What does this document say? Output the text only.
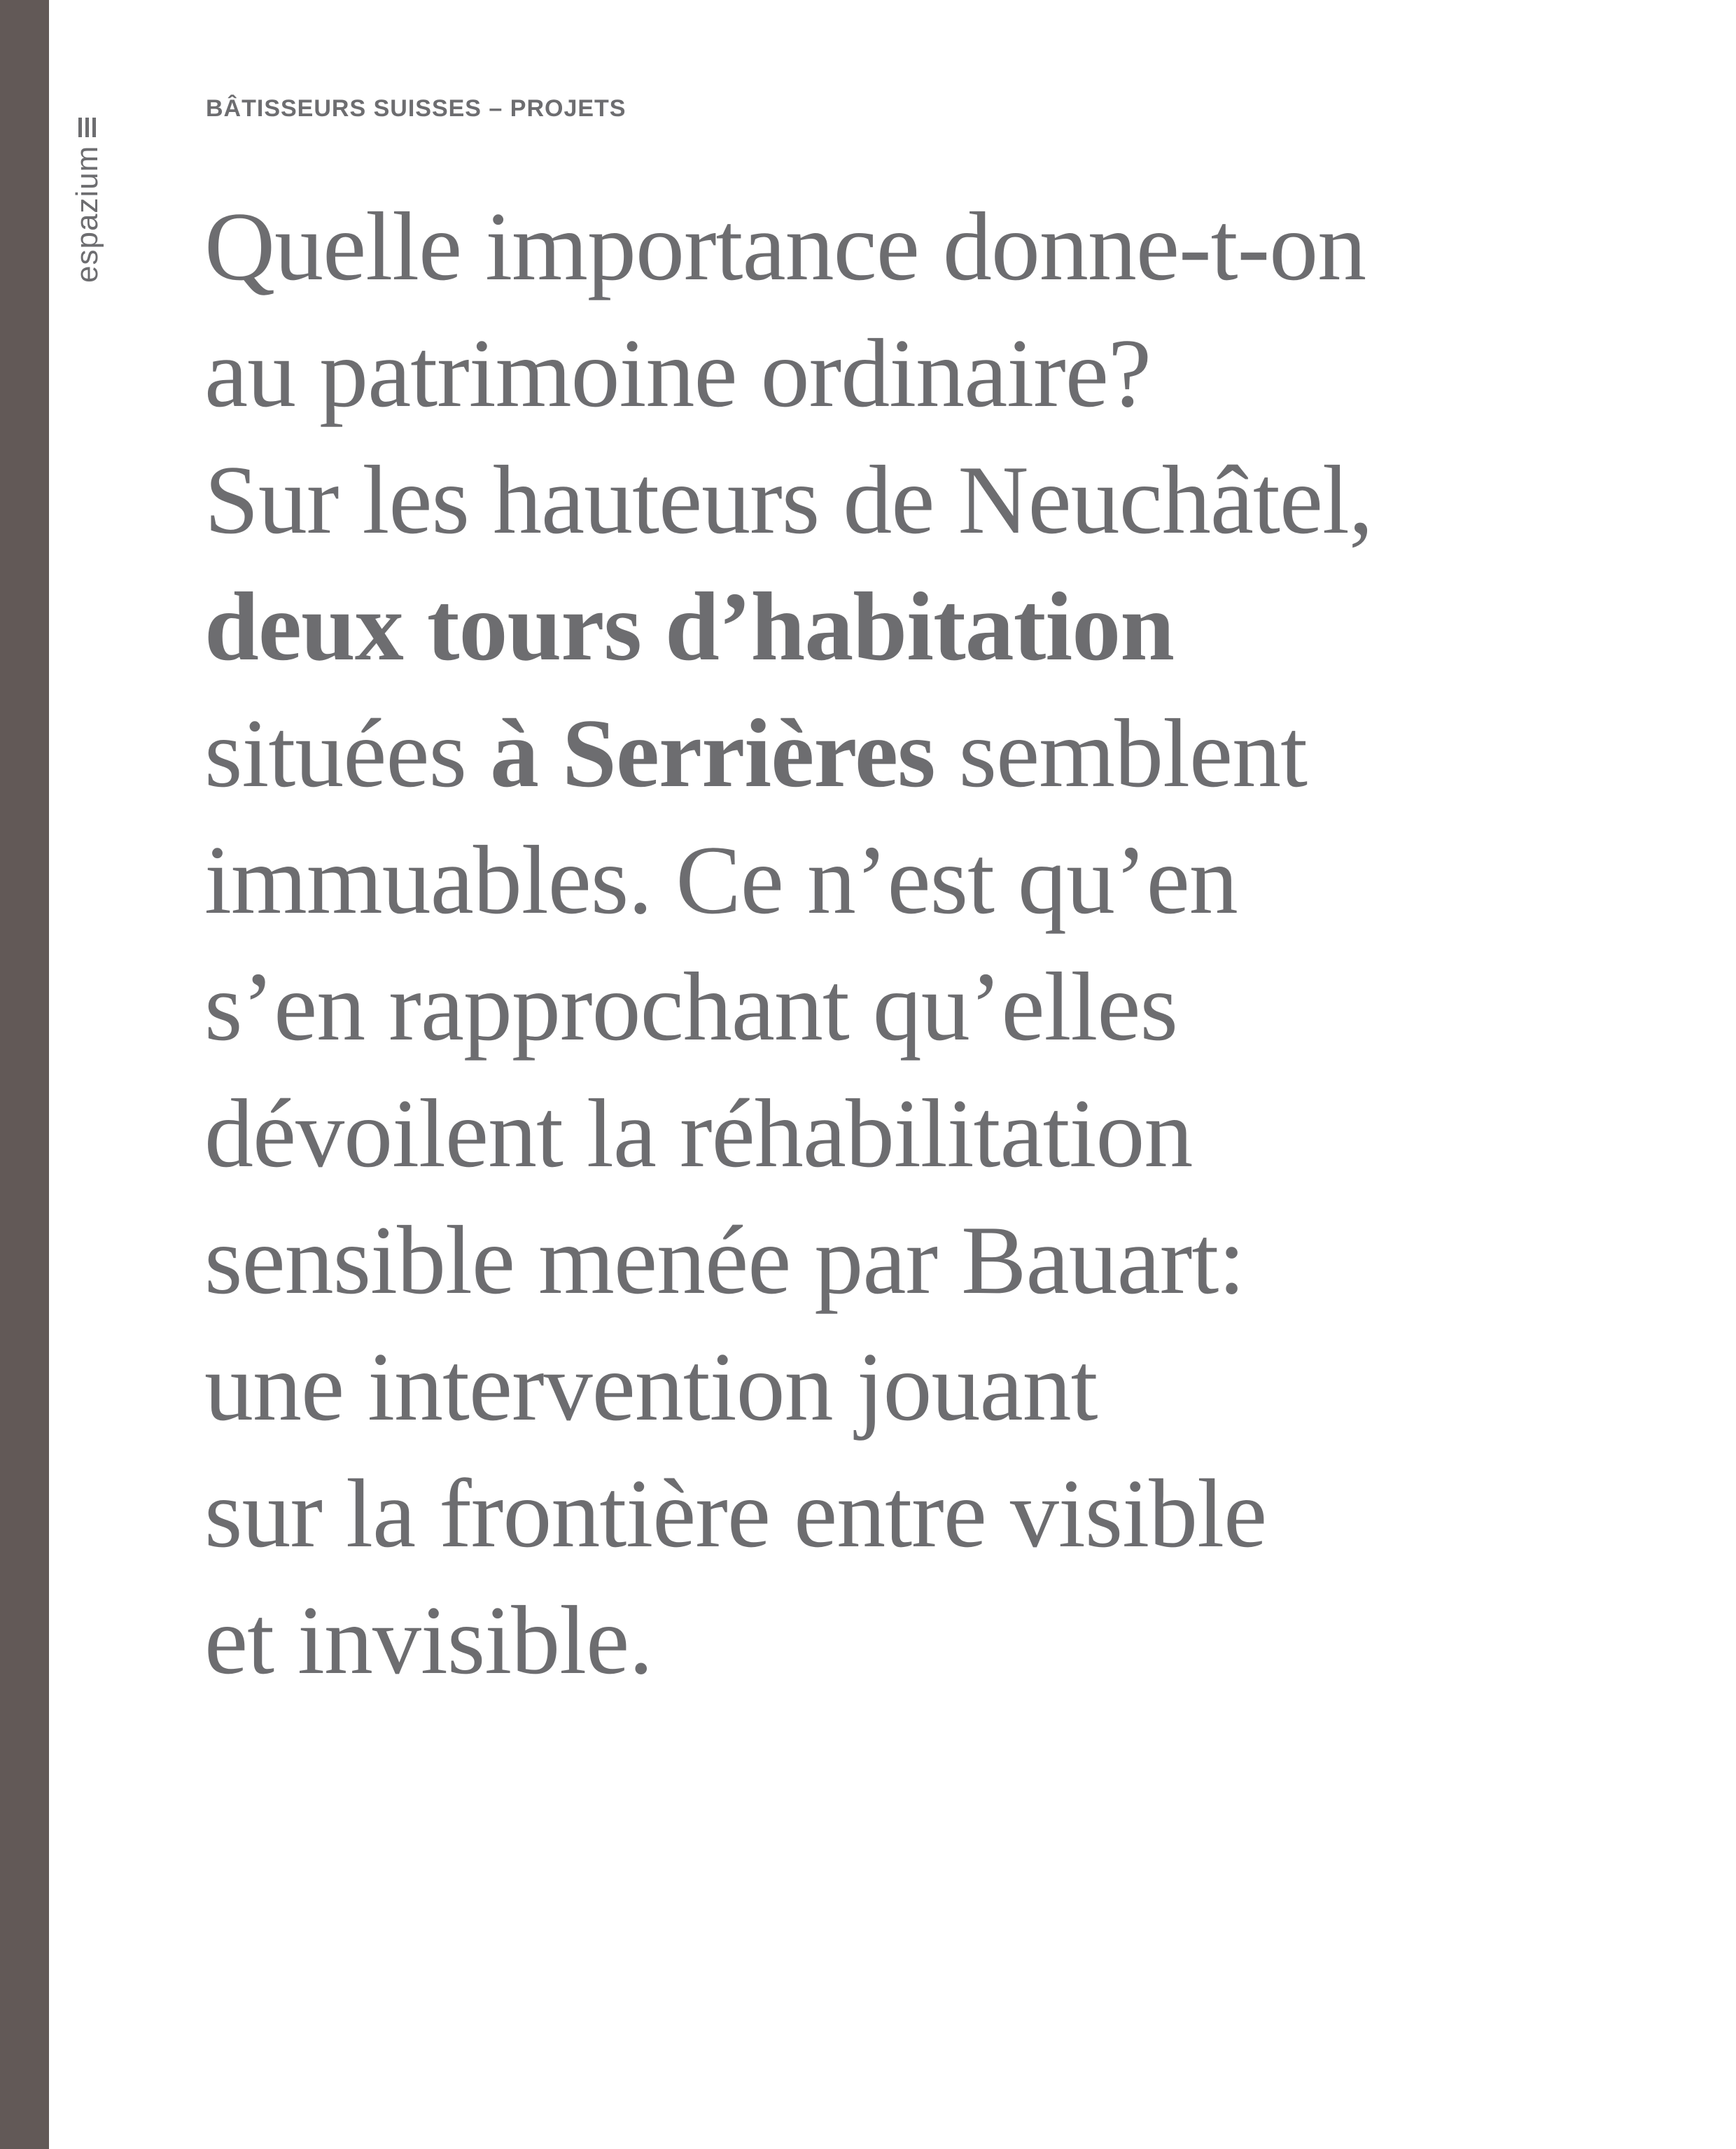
espazium
BÂTISSEURS SUISSES – PROJETS

Quelle importance donne-t-on
au patrimoine ordinaire?
Sur les hauteurs de Neuchâtel,
deux tours d’habitation
situées à Serrières semblent
immuables. Ce n’est qu’en
s’en rapprochant qu’elles
dévoilent la réhabilitation
sensible menée par Bauart:
une intervention jouant
sur la frontière entre visible
et invisible.
